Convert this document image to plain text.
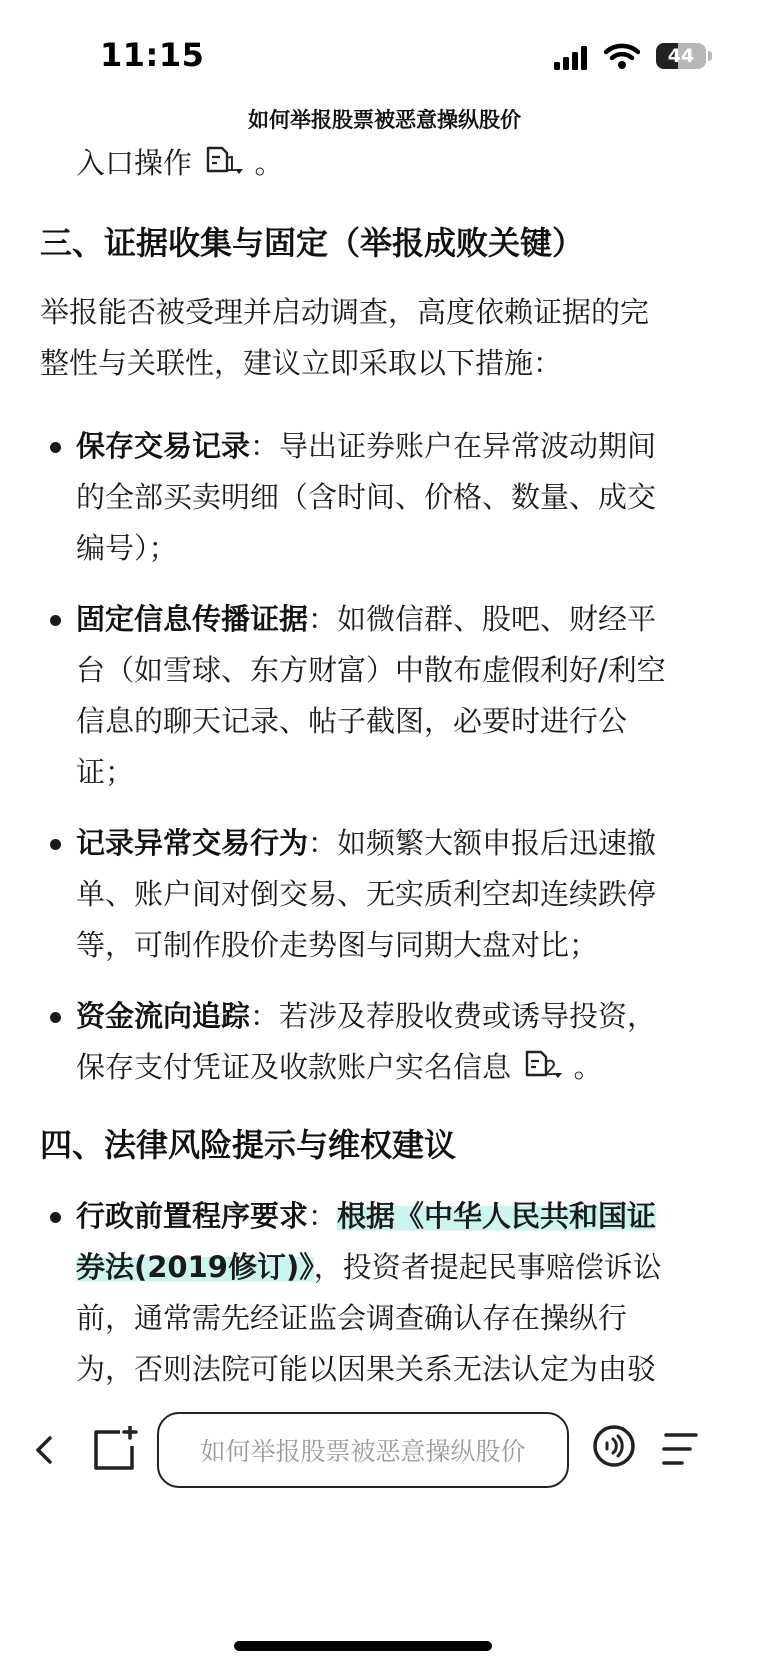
11:15	44
如何举报股票被恶意操纵股价
入口操作 1 。
三、证据收集与固定（举报成败关键）
举报能否被受理并启动调查，高度依赖证据的完
整性与关联性，建议立即采取以下措施：
保存交易记录：导出证券账户在异常波动期间
的全部买卖明细（含时间、价格、数量、成交
编号）；
固定信息传播证据：如微信群、股吧、财经平
台（如雪球、东方财富）中散布虚假利好/利空
信息的聊天记录、帖子截图，必要时进行公
证；
记录异常交易行为：如频繁大额申报后迅速撤
单、账户间对倒交易、无实质利空却连续跌停
等，可制作股价走势图与同期大盘对比；
资金流向追踪：若涉及荐股收费或诱导投资，
保存支付凭证及收款账户实名信息 2 。
四、法律风险提示与维权建议
行政前置程序要求：根据《中华人民共和国证
券法(2019修订)》，投资者提起民事赔偿诉讼
前，通常需先经证监会调查确认存在操纵行
为，否则法院可能以因果关系无法认定为由驳
如何举报股票被恶意操纵股价
